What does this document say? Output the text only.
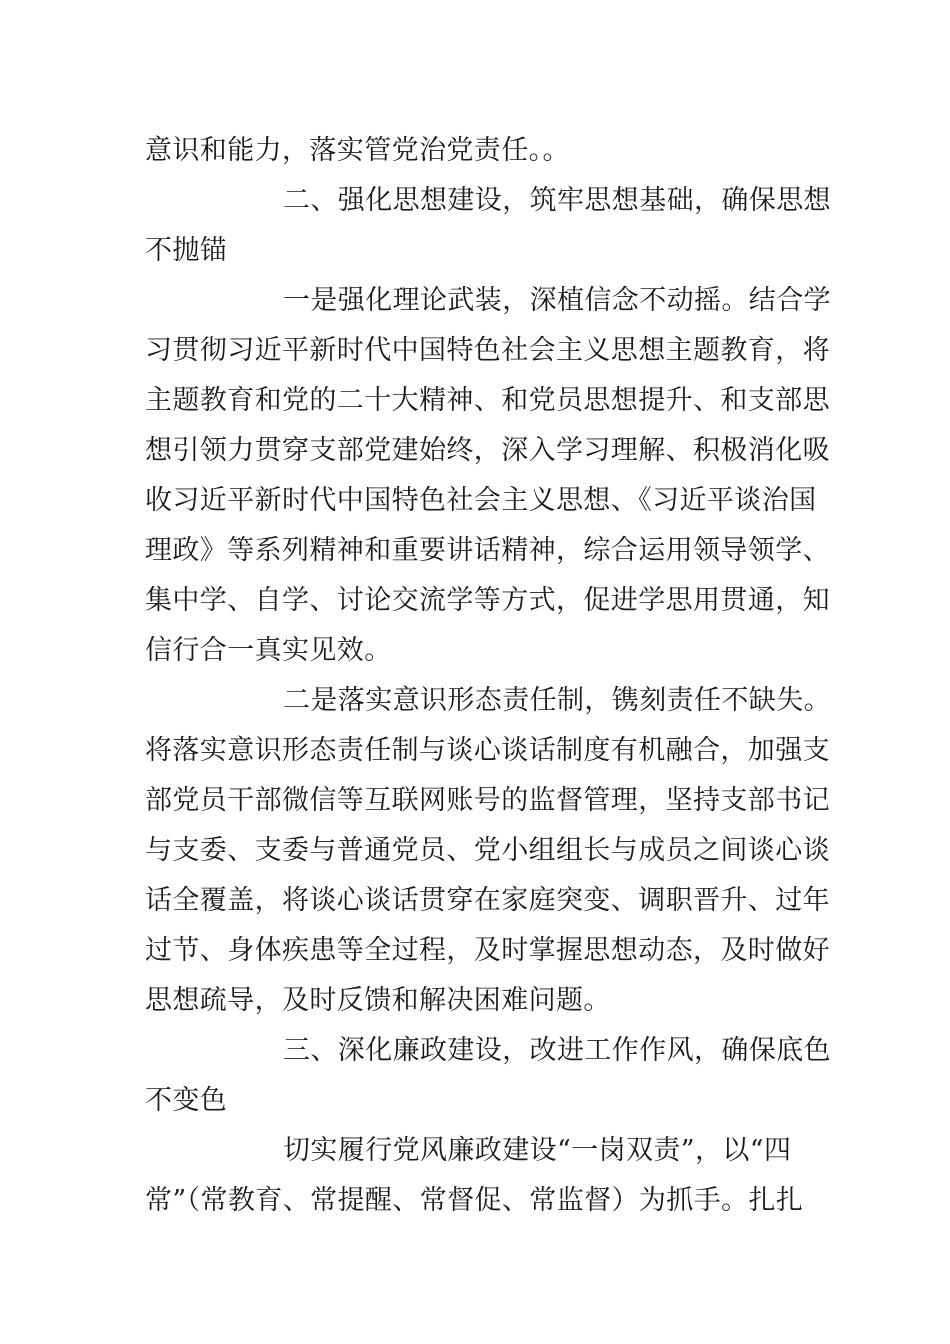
意识和能力，落实管党治党责任。。

二、强化思想建设，筑牢思想基础，确保思想

不抛锚

一是强化理论武装，深植信念不动摇。结合学

习贯彻习近平新时代中国特色社会主义思想主题教育，将

主题教育和党的二十大精神、和党员思想提升、和支部思

想引领力贯穿支部党建始终，深入学习理解、积极消化吸

收习近平新时代中国特色社会主义思想、《习近平谈治国

理政》等系列精神和重要讲话精神，综合运用领导领学、

集中学、自学、讨论交流学等方式，促进学思用贯通，知

信行合一真实见效。

二是落实意识形态责任制，镌刻责任不缺失。

将落实意识形态责任制与谈心谈话制度有机融合，加强支

部党员干部微信等互联网账号的监督管理，坚持支部书记

与支委、支委与普通党员、党小组组长与成员之间谈心谈

话全覆盖，将谈心谈话贯穿在家庭突变、调职晋升、过年

过节、身体疾患等全过程，及时掌握思想动态，及时做好

思想疏导，及时反馈和解决困难问题。

三、深化廉政建设，改进工作作风，确保底色

不变色

切实履行党风廉政建设“一岗双责”，以“四

常”（常教育、常提醒、常督促、常监督）为抓手。扎扎
